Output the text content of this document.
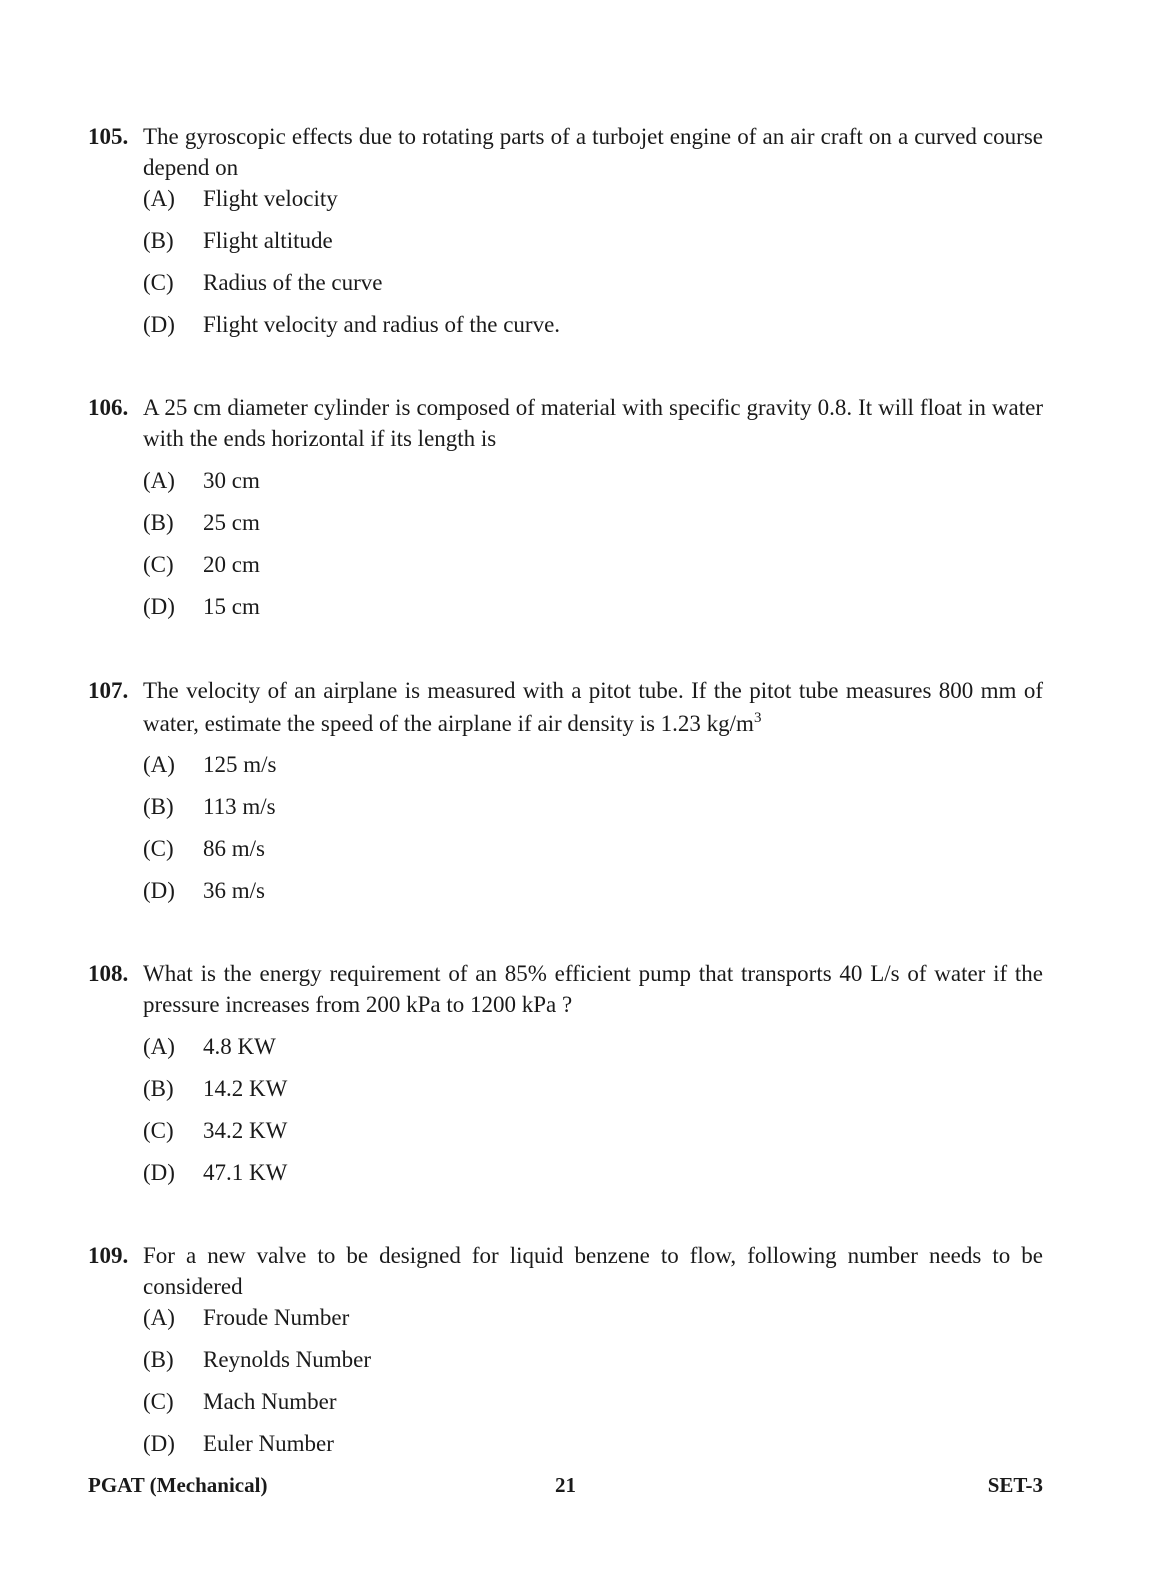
105. The gyroscopic effects due to rotating parts of a turbojet engine of an air craft on a curved course depend on
(A) Flight velocity
(B) Flight altitude
(C) Radius of the curve
(D) Flight velocity and radius of the curve.
106. A 25 cm diameter cylinder is composed of material with specific gravity 0.8. It will float in water with the ends horizontal if its length is
(A) 30 cm
(B) 25 cm
(C) 20 cm
(D) 15 cm
107. The velocity of an airplane is measured with a pitot tube. If the pitot tube measures 800 mm of water, estimate the speed of the airplane if air density is 1.23 $kg/m^3$
(A) 125 m/s
(B) 113 m/s
(C) 86 m/s
(D) 36 m/s
108. What is the energy requirement of an 85% efficient pump that transports 40 L/s of water if the pressure increases from 200 kPa to 1200 kPa ?
(A) 4.8 KW
(B) 14.2 KW
(C) 34.2 KW
(D) 47.1 KW
109. For a new valve to be designed for liquid benzene to flow, following number needs to be considered
(A) Froude Number
(B) Reynolds Number
(C) Mach Number
(D) Euler Number
PGAT (Mechanical)	21	SET-3
